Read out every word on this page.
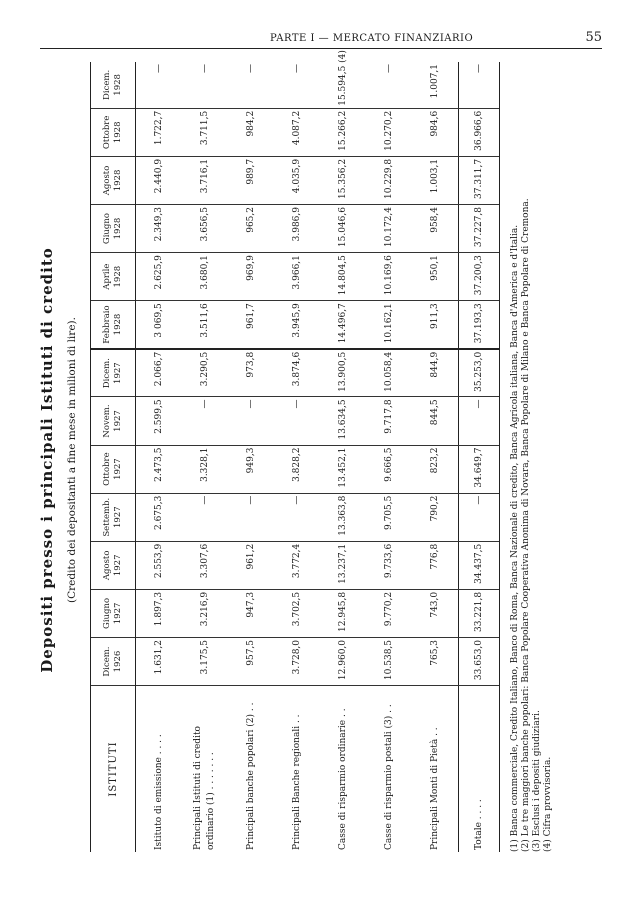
PARTE I — MERCATO FINANZIARIO	55
Depositi presso i principali Istituti di credito (Credito dei depositanti a fine mese in milioni di lire).
ISTITUTI	Dicem. 1926	Giugno 1927	Agosto 1927	Settemb. 1927	Ottobre 1927	Novem. 1927	Dicem. 1927	Febbraio 1928	Aprile 1928	Giugno 1928	Agosto 1928	Ottobre 1928	Dicem. 1928
Istituto di emissione . . . .	1.631,2	1.897,3	2.553,9	2.675,3	2.473,5	2.599,5	2.066,7	3 069,5	2.625,9	2.349,3	2.440,9	1.722,7	—
Principali Istituti di credito ordinario (1) . . . . . . .	3.175,5	3.216,9	3.307,6	—	3.328,1	—	3.290,5	3.511,6	3.680,1	3.656,5	3.716,1	3.711,5	—
Principali banche popolari (2) . .	957,5	947,3	961,2	—	949,3	—	973,8	961,7	969,9	965,2	989,7	984,2	—
Principali Banche regionali . .	3.728,0	3.702,5	3.772,4	—	3.828,2	—	3.874,6	3.945,9	3.966,1	3.986,9	4.035,9	4.087,2	—
Casse di risparmio ordinarie . .	12.960,0	12.945,8	13.237,1	13.363,8	13.452,1	13.634,5	13.900,5	14.496,7	14.804,5	15.046,6	15.356,2	15.266,2	15.594,5 (4)
Casse di risparmio postali (3) . .	10.538,5	9.770,2	9.733,6	9.705,5	9.666,5	9.717,8	10.058,4	10.162,1	10.169,6	10.172,4	10.229,8	10.270,2	—
Principali Monti di Pietà . .	765,3	743,0	776,8	790,2	823,2	844,5	844,9	911,3	950,1	958,4	1.003,1	984,6	1.007,1
Totale . . . .	33.653,0	33.221,8	34.437,5	—	34.649,7	—	35.253,0	37.193,3	37.200,3	37.227,8	37.311,7	36.966,6	—
(1) Banca commerciale, Credito Italiano, Banco di Roma, Banca Nazionale di credito, Banca Agricola italiana, Banca d'America e d'Italia. (2) Le tre maggiori banche popolari: Banca Popolare Cooperativa Anonima di Novara, Banca Popolare di Milano e Banca Popolare di Cremona. (3) Esclusi i depositi giudiziari. (4) Cifra provvisoria.
